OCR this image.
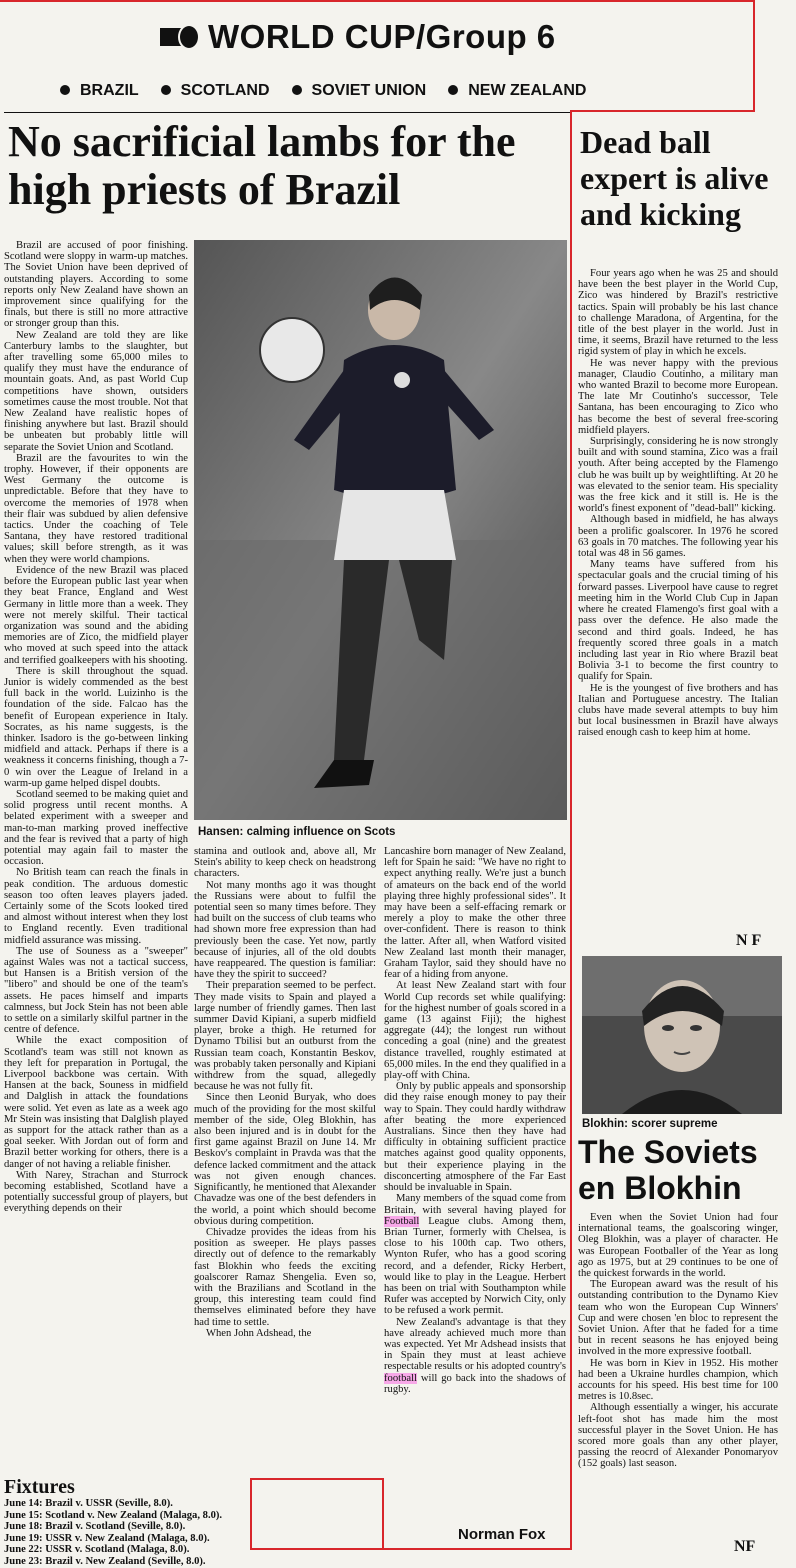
WORLD CUP/Group 6
BRAZIL	SCOTLAND	SOVIET UNION	NEW ZEALAND
No sacrificial lambs for the high priests of Brazil
Hansen: calming influence on Scots

Brazil are accused of poor finishing. Scotland were sloppy in warm-up matches. The Soviet Union have been deprived of outstanding players. According to some reports only New Zealand have shown an improvement since qualifying for the finals, but there is still no more attractive or stronger group than this.

New Zealand are told they are like Canterbury lambs to the slaughter, but after travelling some 65,000 miles to qualify they must have the endurance of mountain goats. And, as past World Cup competitions have shown, outsiders sometimes cause the most trouble. Not that New Zealand have realistic hopes of finishing anywhere but last. Brazil should be unbeaten but probably little will separate the Soviet Union and Scotland.

Brazil are the favourites to win the trophy. However, if their opponents are West Germany the outcome is unpredictable. Before that they have to overcome the memories of 1978 when their flair was subdued by alien defensive tactics. Under the coaching of Tele Santana, they have restored traditional values; skill before strength, as it was when they were world champions.

Evidence of the new Brazil was placed before the European public last year when they beat France, England and West Germany in little more than a week. They were not merely skilful. Their tactical organization was sound and the abiding memories are of Zico, the midfield player who moved at such speed into the attack and terrified goalkeepers with his shooting.

There is skill throughout the squad. Junior is widely commended as the best full back in the world. Luizinho is the foundation of the side. Falcao has the benefit of European experience in Italy. Socrates, as his name suggests, is the thinker. Isadoro is the go-between linking midfield and attack. Perhaps if there is a weakness it concerns finishing, though a 7-0 win over the League of Ireland in a warm-up game helped dispel doubts.

Scotland seemed to be making quiet and solid progress until recent months. A belated experiment with a sweeper and man-to-man marking proved ineffective and the fear is revived that a party of high potential may again fail to master the occasion.

No British team can reach the finals in peak condition. The arduous domestic season too often leaves players jaded. Certainly some of the Scots looked tired and almost without interest when they lost to England recently. Even traditional midfield assurance was missing.

The use of Souness as a "sweeper" against Wales was not a tactical success, but Hansen is a British version of the "libero" and should be one of the team's assets. He paces himself and imparts calmness, but Jock Stein has not been able to settle on a similarly skilful partner in the centre of defence.

While the exact composition of Scotland's team was still not known as they left for preparation in Portugal, the Liverpool backbone was certain. With Hansen at the back, Souness in midfield and Dalglish in attack the foundations were solid. Yet even as late as a week ago Mr Stein was insisting that Dalglish played as support for the attack rather than as a goal seeker. With Jordan out of form and Brazil better working for others, there is a danger of not having a reliable finisher.

With Narey, Strachan and Sturrock becoming established, Scotland have a potentially successful group of players, but everything depends on their

Fixtures
June 14: Brazil v. USSR (Seville, 8.0).
June 15: Scotland v. New Zealand (Malaga, 8.0).
June 18: Brazil v. Scotland (Seville, 8.0).
June 19: USSR v. New Zealand (Malaga, 8.0).
June 22: USSR v. Scotland (Malaga, 8.0).
June 23: Brazil v. New Zealand (Seville, 8.0).

stamina and outlook and, above all, Mr Stein's ability to keep check on headstrong characters.

Not many months ago it was thought the Russians were about to fulfil the potential seen so many times before. They had built on the success of club teams who had shown more free expression than had previously been the case. Yet now, partly because of injuries, all of the old doubts have reappeared. The question is familiar: have they the spirit to succeed?

Their preparation seemed to be perfect. They made visits to Spain and played a large number of friendly games. Then last summer David Kipiani, a superb midfield player, broke a thigh. He returned for Dynamo Tbilisi but an outburst from the Russian team coach, Konstantin Beskov, was probably taken personally and Kipiani withdrew from the squad, allegedly because he was not fully fit.

Since then Leonid Buryak, who does much of the providing for the most skilful member of the side, Oleg Blokhin, has also been injured and is in doubt for the first game against Brazil on June 14. Mr Beskov's complaint in Pravda was that the defence lacked commitment and the attack was not given enough chances. Significantly, he mentioned that Alexander Chavadze was one of the best defenders in the world, a point which should become obvious during competition.

Chivadze provides the ideas from his position as sweeper. He plays passes directly out of defence to the remarkably fast Blokhin who feeds the exciting goalscorer Ramaz Shengelia. Even so, with the Brazilians and Scotland in the group, this interesting team could find themselves eliminated before they have had time to settle.

When John Adshead, the

Lancashire born manager of New Zealand, left for Spain he said: "We have no right to expect anything really. We're just a bunch of amateurs on the back end of the world playing three highly professional sides". It may have been a self-effacing remark or merely a ploy to make the other three over-confident. There is reason to think the latter. After all, when Watford visited New Zealand last month their manager, Graham Taylor, said they should have no fear of a hiding from anyone.

At least New Zealand start with four World Cup records set while qualifying: for the highest number of goals scored in a game (13 against Fiji); the highest aggregate (44); the longest run without conceding a goal (nine) and the greatest distance travelled, roughly estimated at 65,000 miles. In the end they qualified in a play-off with China.

Only by public appeals and sponsorship did they raise enough money to pay their way to Spain. They could hardly withdraw after beating the more experienced Australians. Since then they have had difficulty in obtaining sufficient practice matches against good quality opponents, but their experience playing in the disconcerting atmosphere of the Far East should be invaluable in Spain.

Many members of the squad come from Britain, with several having played for Football League clubs. Among them, Brian Turner, formerly with Chelsea, is close to his 100th cap. Two others, Wynton Rufer, who has a good scoring record, and a defender, Ricky Herbert, would like to play in the League. Herbert has been on trial with Southampton while Rufer was accepted by Norwich City, only to be refused a work permit.

New Zealand's advantage is that they have already achieved much more than was expected. Yet Mr Adshead insists that in Spain they must at least achieve respectable results or his adopted country's football will go back into the shadows of rugby.

Norman Fox
Dead ball expert is alive and kicking

Four years ago when he was 25 and should have been the best player in the World Cup, Zico was hindered by Brazil's restrictive tactics. Spain will probably be his last chance to challenge Maradona, of Argentina, for the title of the best player in the world. Just in time, it seems, Brazil have returned to the less rigid system of play in which he excels.

He was never happy with the previous manager, Claudio Coutinho, a military man who wanted Brazil to become more European. The late Mr Coutinho's successor, Tele Santana, has been encouraging to Zico who has become the best of several free-scoring midfield players.

Surprisingly, considering he is now strongly built and with sound stamina, Zico was a frail youth. After being accepted by the Flamengo club he was built up by weightlifting. At 20 he was elevated to the senior team. His speciality was the free kick and it still is. He is the world's finest exponent of "dead-ball" kicking.

Although based in midfield, he has always been a prolific goalscorer. In 1976 he scored 63 goals in 70 matches. The following year his total was 48 in 56 games.

Many teams have suffered from his spectacular goals and the crucial timing of his forward passes. Liverpool have cause to regret meeting him in the World Club Cup in Japan where he created Flamengo's first goal with a pass over the defence. He also made the second and third goals. Indeed, he has frequently scored three goals in a match including last year in Rio where Brazil beat Bolivia 3-1 to become the first country to qualify for Spain.

He is the youngest of five brothers and has Italian and Portuguese ancestry. The Italian clubs have made several attempts to buy him but local businessmen in Brazil have always raised enough cash to keep him at home.

N F
Blokhin: scorer supreme
The Soviets en Blokhin

Even when the Soviet Union had four international teams, the goalscoring winger, Oleg Blokhin, was a player of character. He was European Footballer of the Year as long ago as 1975, but at 29 continues to be one of the quickest forwards in the world.

The European award was the result of his outstanding contribution to the Dynamo Kiev team who won the European Cup Winners' Cup and were chosen 'en bloc to represent the Soviet Union. After that he faded for a time but in recent seasons he has enjoyed being involved in the more expressive football.

He was born in Kiev in 1952. His mother had been a Ukraine hurdles champion, which accounts for his speed. His best time for 100 metres is 10.8sec.

Although essentially a winger, his accurate left-foot shot has made him the most successful player in the Sovet Union. He has scored more goals than any other player, passing the reocrd of Alexander Ponomaryov (152 goals) last season.

NF
